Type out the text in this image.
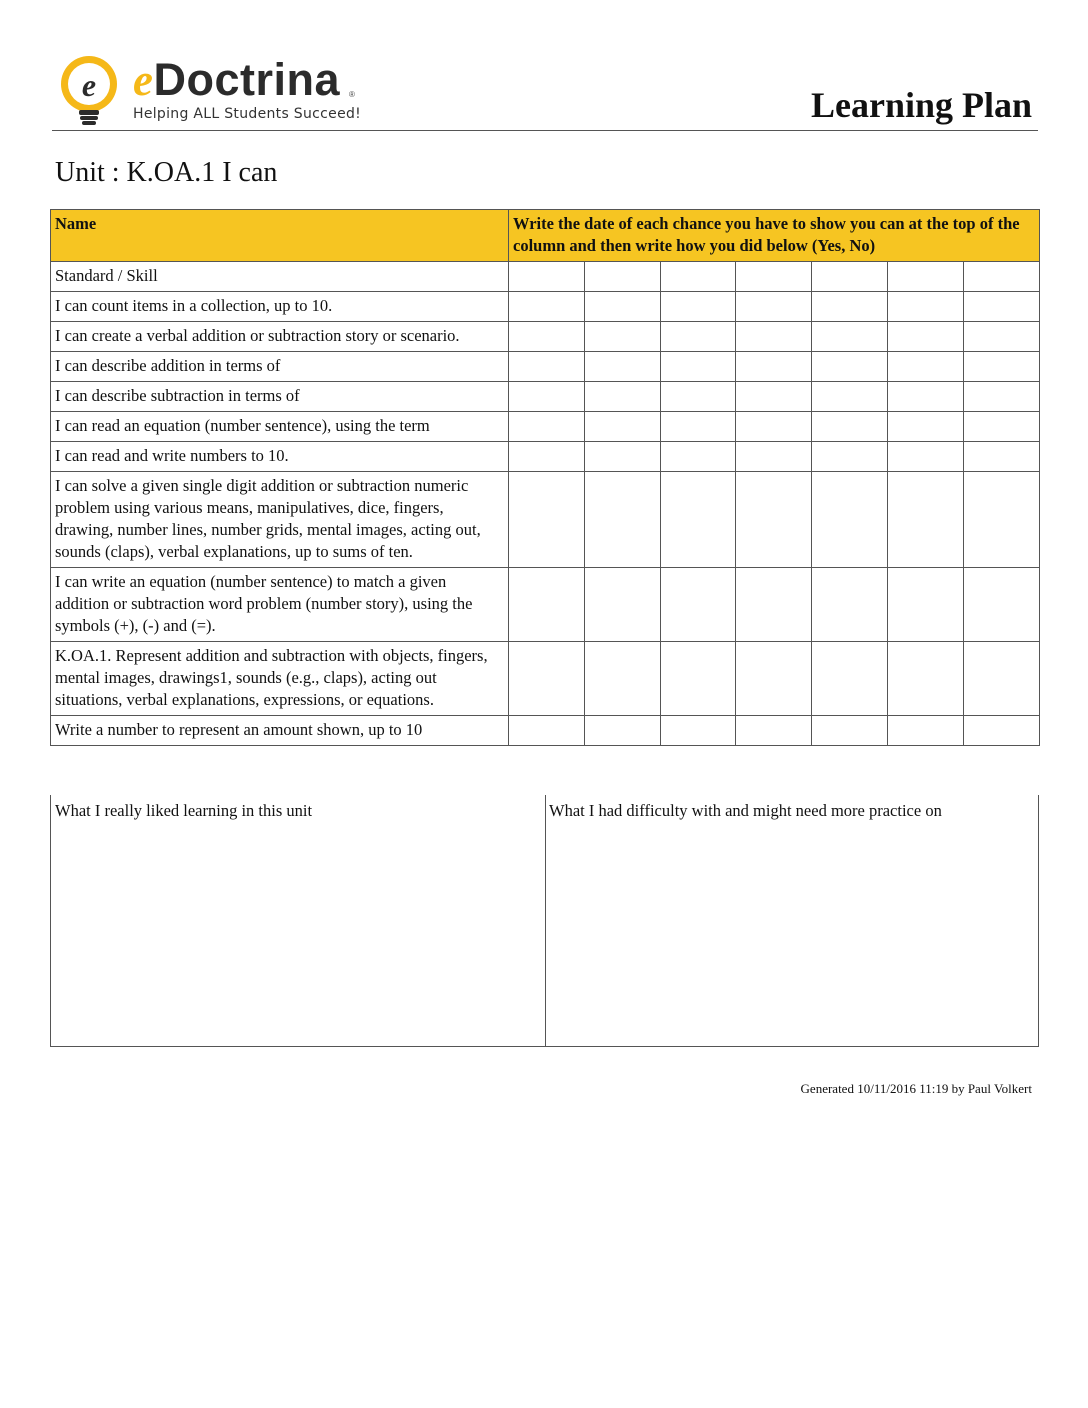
e eDoctrina ®
Helping ALL Students Succeed!	Learning Plan
Unit : K.OA.1 I can
Name	Write the date of each chance you have to show you can at the top of the column and then write how you did below (Yes, No)						
Standard / Skill							
I can count items in a collection, up to 10.							
I can create a verbal addition or subtraction story or scenario.							
I can describe addition in terms of							
I can describe subtraction in terms of							
I can read an equation (number sentence), using the term							
I can read and write numbers to 10.							
I can solve a given single digit addition or subtraction numeric problem using various means, manipulatives, dice, fingers, drawing, number lines, number grids, mental images, acting out, sounds (claps), verbal explanations, up to sums of ten.							
I can write an equation (number sentence) to match a given addition or subtraction word problem (number story), using the symbols (+), (-) and (=).							
K.OA.1. Represent addition and subtraction with objects, fingers, mental images, drawings1, sounds (e.g., claps), acting out situations, verbal explanations, expressions, or equations.							
Write a number to represent an amount shown, up to 10							
What I really liked learning in this unit	What I had difficulty with and might need more practice on
Generated 10/11/2016 11:19 by Paul Volkert
